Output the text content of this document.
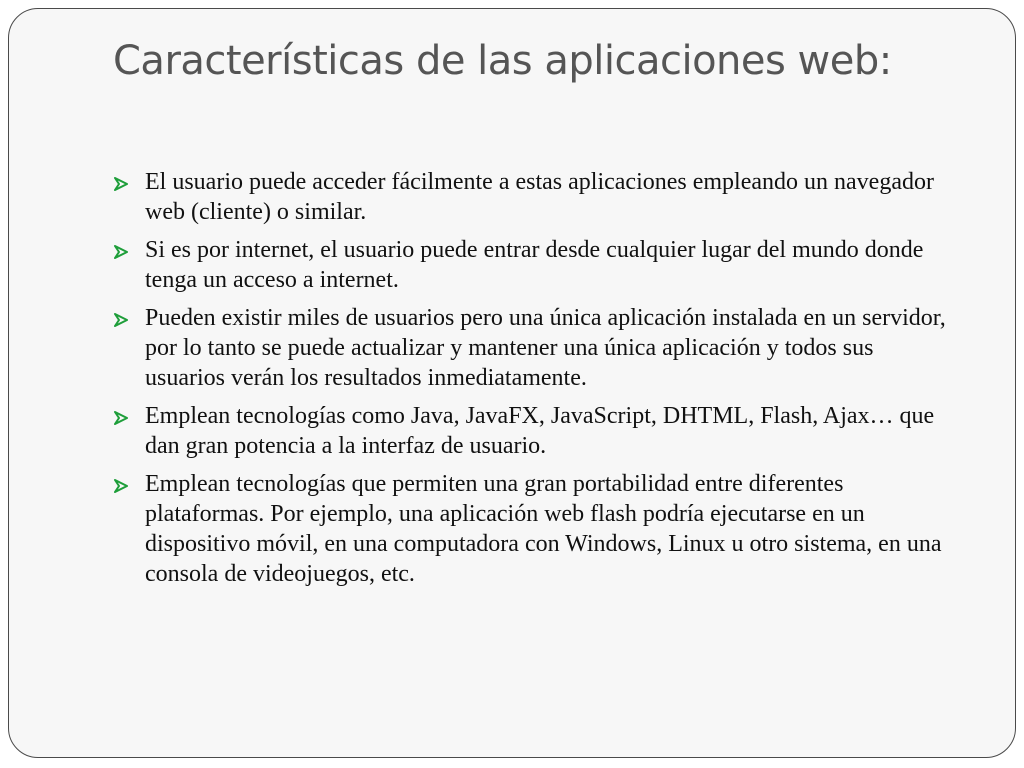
Características de las aplicaciones web:
El usuario puede acceder fácilmente a estas aplicaciones empleando un navegador web (cliente) o similar.
Si es por internet, el usuario puede entrar desde cualquier lugar del mundo donde tenga un acceso a internet.
Pueden existir miles de usuarios pero una única aplicación instalada en un servidor, por lo tanto se puede actualizar y mantener una única aplicación y todos sus usuarios verán los resultados inmediatamente.
Emplean tecnologías como Java, JavaFX, JavaScript, DHTML, Flash, Ajax… que dan gran potencia a la interfaz de usuario.
Emplean tecnologías que permiten una gran portabilidad entre diferentes plataformas. Por ejemplo, una aplicación web flash podría ejecutarse en un dispositivo móvil, en una computadora con Windows, Linux u otro sistema, en una consola de videojuegos, etc.
